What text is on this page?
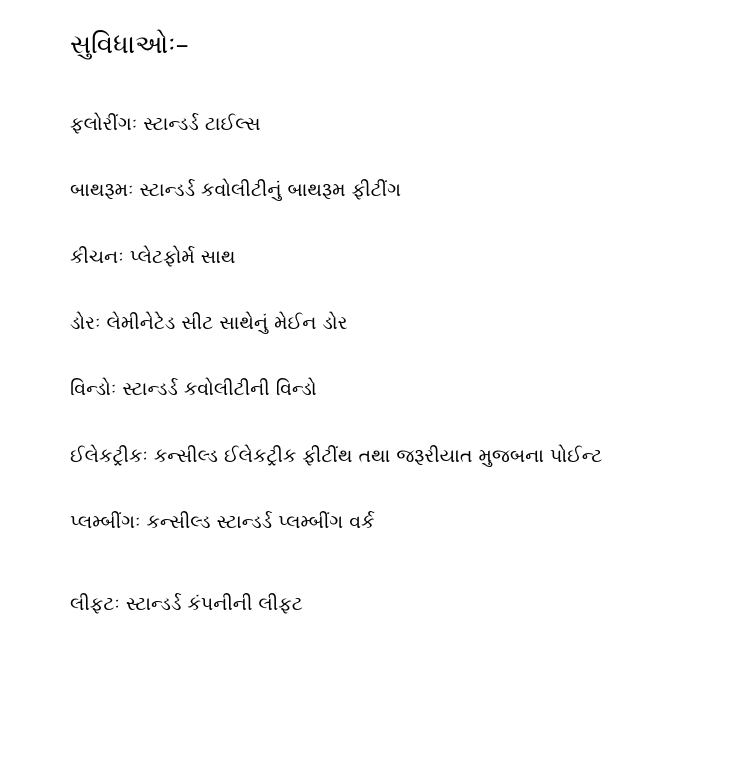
સુવિધાઓઃ–
ફલોરીંગઃ સ્ટાન્ડર્ડ ટાઈલ્સ
બાથરૂમઃ સ્ટાન્ડર્ડ કવોલીટીનું બાથરૂમ ફીટીંગ
કીચનઃ પ્લેટફોર્મ સાથ
ડોરઃ લેમીનેટેડ સીટ સાથેનું મેઈન ડોર
વિન્ડોઃ સ્ટાન્ડર્ડ કવોલીટીની વિન્ડો
ઈલેકટ્રીકઃ કન્સીલ્ડ ઈલેકટ્રીક ફીટીંથ તથા જરૂરીયાત મુજબના પોઈન્ટ
પ્લમ્બીંગઃ કન્સીલ્ડ સ્ટાન્ડર્ડ પ્લમ્બીંગ વર્ક
લીફટઃ સ્ટાન્ડર્ડ કંપનીની લીફટ
